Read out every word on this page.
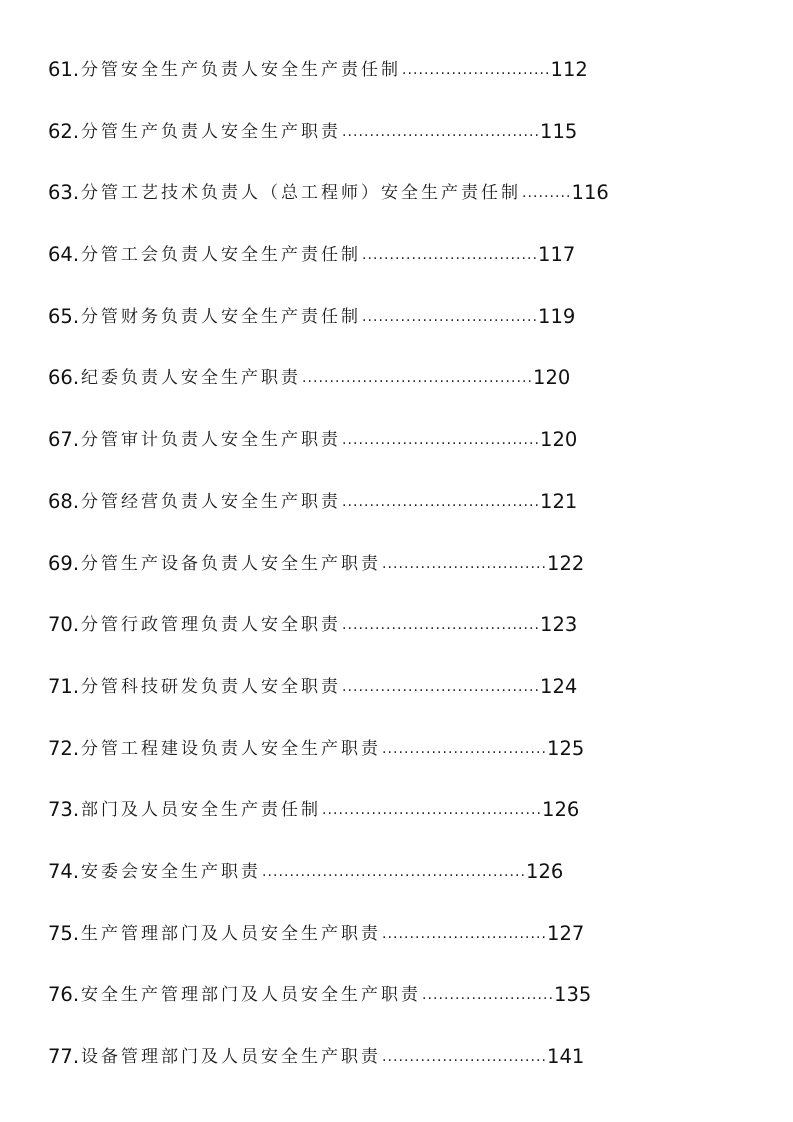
61. 分管安全生产负责人安全生产责任制 ........................... 112
62. 分管生产负责人安全生产职责 .................................... 115
63. 分管工艺技术负责人（总工程师）安全生产责任制 ......... 116
64. 分管工会负责人安全生产责任制 ................................ 117
65. 分管财务负责人安全生产责任制 ................................ 119
66. 纪委负责人安全生产职责 .......................................... 120
67. 分管审计负责人安全生产职责 .................................... 120
68. 分管经营负责人安全生产职责 .................................... 121
69. 分管生产设备负责人安全生产职责 .............................. 122
70. 分管行政管理负责人安全职责 .................................... 123
71. 分管科技研发负责人安全职责 .................................... 124
72. 分管工程建设负责人安全生产职责 .............................. 125
73. 部门及人员安全生产责任制 ........................................ 126
74. 安委会安全生产职责 ................................................ 126
75. 生产管理部门及人员安全生产职责 .............................. 127
76. 安全生产管理部门及人员安全生产职责 ........................ 135
77. 设备管理部门及人员安全生产职责 .............................. 141
